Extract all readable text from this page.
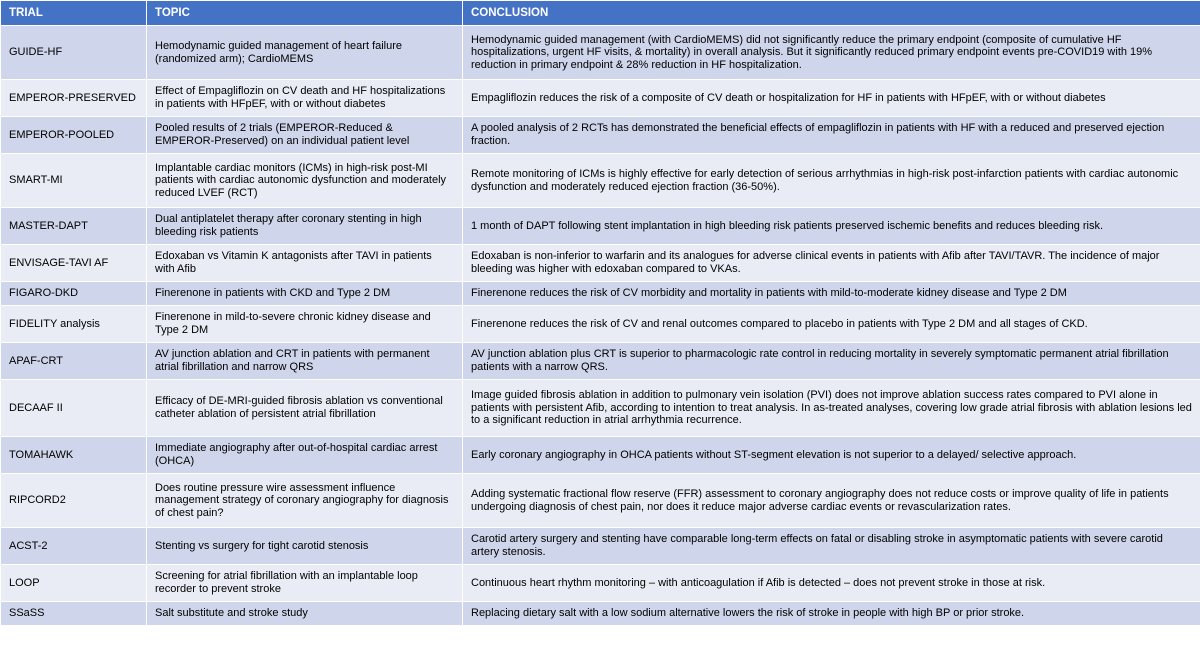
TRIAL	TOPIC	CONCLUSION
GUIDE-HF	Hemodynamic guided management of heart failure (randomized arm); CardioMEMS	Hemodynamic guided management (with CardioMEMS) did not significantly reduce the primary endpoint (composite of cumulative HF hospitalizations, urgent HF visits, & mortality) in overall analysis. But it significantly reduced primary endpoint events pre-COVID19 with 19% reduction in primary endpoint & 28% reduction in HF hospitalization.
EMPEROR-PRESERVED	Effect of Empagliflozin on CV death and HF hospitalizations in patients with HFpEF, with or without diabetes	Empagliflozin reduces the risk of a composite of CV death or hospitalization for HF in patients with HFpEF, with or without diabetes
EMPEROR-POOLED	Pooled results of 2 trials (EMPEROR-Reduced & EMPEROR-Preserved) on an individual patient level	A pooled analysis of 2 RCTs has demonstrated the beneficial effects of empagliflozin in patients with HF with a reduced and preserved ejection fraction.
SMART-MI	Implantable cardiac monitors (ICMs) in high-risk post-MI patients with cardiac autonomic dysfunction and moderately reduced LVEF (RCT)	Remote monitoring of ICMs is highly effective for early detection of serious arrhythmias in high-risk post-infarction patients with cardiac autonomic dysfunction and moderately reduced ejection fraction (36-50%).
MASTER-DAPT	Dual antiplatelet therapy after coronary stenting in high bleeding risk patients	1 month of DAPT following stent implantation in high bleeding risk patients preserved ischemic benefits and reduces bleeding risk.
ENVISAGE-TAVI AF	Edoxaban vs Vitamin K antagonists after TAVI in patients with Afib	Edoxaban is non-inferior to warfarin and its analogues for adverse clinical events in patients with Afib after TAVI/TAVR. The incidence of major bleeding was higher with edoxaban compared to VKAs.
FIGARO-DKD	Finerenone in patients with CKD and Type 2 DM	Finerenone reduces the risk of CV morbidity and mortality in patients with mild-to-moderate kidney disease and Type 2 DM
FIDELITY analysis	Finerenone in mild-to-severe chronic kidney disease and Type 2 DM	Finerenone reduces the risk of CV and renal outcomes compared to placebo in patients with Type 2 DM and all stages of CKD.
APAF-CRT	AV junction ablation and CRT in patients with permanent atrial fibrillation and narrow QRS	AV junction ablation plus CRT is superior to pharmacologic rate control in reducing mortality in severely symptomatic permanent atrial fibrillation patients with a narrow QRS.
DECAAF II	Efficacy of DE-MRI-guided fibrosis ablation vs conventional catheter ablation of persistent atrial fibrillation	Image guided fibrosis ablation in addition to pulmonary vein isolation (PVI) does not improve ablation success rates compared to PVI alone in patients with persistent Afib, according to intention to treat analysis. In as-treated analyses, covering low grade atrial fibrosis with ablation lesions led to a significant reduction in atrial arrhythmia recurrence.
TOMAHAWK	Immediate angiography after out-of-hospital cardiac arrest (OHCA)	Early coronary angiography in OHCA patients without ST-segment elevation is not superior to a delayed/ selective approach.
RIPCORD2	Does routine pressure wire assessment influence management strategy of coronary angiography for diagnosis of chest pain?	Adding systematic fractional flow reserve (FFR) assessment to coronary angiography does not reduce costs or improve quality of life in patients undergoing diagnosis of chest pain, nor does it reduce major adverse cardiac events or revascularization rates.
ACST-2	Stenting vs surgery for tight carotid stenosis	Carotid artery surgery and stenting have comparable long-term effects on fatal or disabling stroke in asymptomatic patients with severe carotid artery stenosis.
LOOP	Screening for atrial fibrillation with an implantable loop recorder to prevent stroke	Continuous heart rhythm monitoring – with anticoagulation if Afib is detected – does not prevent stroke in those at risk.
SSaSS	Salt substitute and stroke study	Replacing dietary salt with a low sodium alternative lowers the risk of stroke in people with high BP or prior stroke.
